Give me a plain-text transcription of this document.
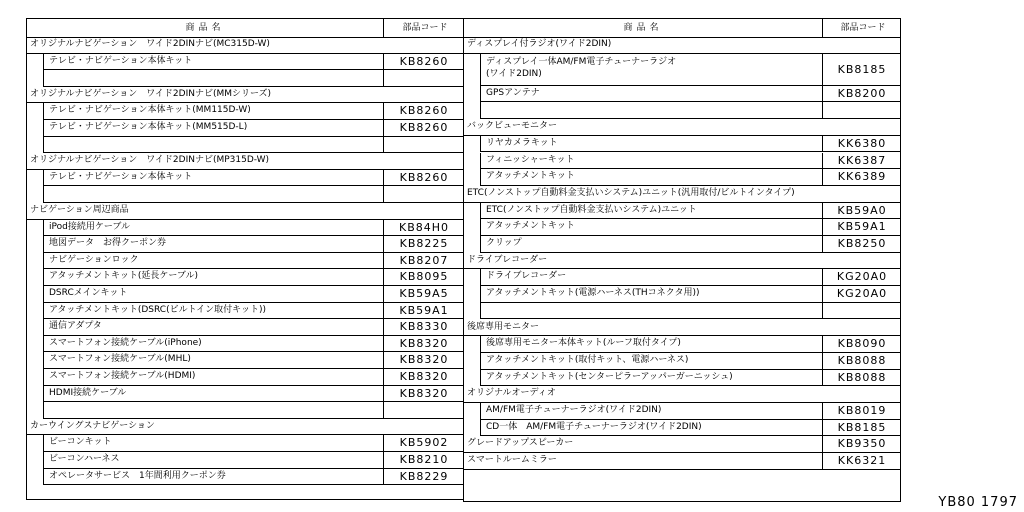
商品名	部品コード
オリジナルナビゲーション　ワイド2DINナビ(MC315D-W)
テレビ・ナビゲーション本体キット	KB8260
オリジナルナビゲーション　ワイド2DINナビ(MMシリーズ)
テレビ・ナビゲーション本体キット(MM115D-W)	KB8260
テレビ・ナビゲーション本体キット(MM515D-L)	KB8260
オリジナルナビゲーション　ワイド2DINナビ(MP315D-W)
テレビ・ナビゲーション本体キット	KB8260
ナビゲーション周辺商品
iPod接続用ケーブル	KB84H0
地図データ　お得クーポン券	KB8225
ナビゲーションロック	KB8207
アタッチメントキット(延長ケーブル)	KB8095
DSRCメインキット	KB59A5
アタッチメントキット(DSRC(ビルトイン取付キット))	KB59A1
通信アダプタ	KB8330
スマートフォン接続ケーブル(iPhone)	KB8320
スマートフォン接続ケーブル(MHL)	KB8320
スマートフォン接続ケーブル(HDMI)	KB8320
HDMI接続ケーブル	KB8320
カーウイングスナビゲーション
ビーコンキット	KB5902
ビーコンハーネス	KB8210
オペレータサービス　1年間利用クーポン券	KB8229
商品名	部品コード
ディスプレイ付ラジオ(ワイド2DIN)
ディスプレイ一体AM/FM電子チューナーラジオ
(ワイド2DIN)	KB8185
GPSアンテナ	KB8200
バックビューモニター
リヤカメラキット	KK6380
フィニッシャーキット	KK6387
アタッチメントキット	KK6389
ETC(ノンストップ自動料金支払いシステム)ユニット(汎用取付/ビルトインタイプ)
ETC(ノンストップ自動料金支払いシステム)ユニット	KB59A0
アタッチメントキット	KB59A1
クリップ	KB8250
ドライブレコーダー
ドライブレコーダー	KG20A0
アタッチメントキット(電源ハーネス(THコネクタ用))	KG20A0
後席専用モニター
後席専用モニター本体キット(ルーフ取付タイプ)	KB8090
アタッチメントキット(取付キット、電源ハーネス)	KB8088
アタッチメントキット(センターピラーアッパーガーニッシュ)	KB8088
オリジナルオーディオ
AM/FM電子チューナーラジオ(ワイド2DIN)	KB8019
CD一体　AM/FM電子チューナーラジオ(ワイド2DIN)	KB8185
グレードアップスピーカー	KB9350
スマートルームミラー	KK6321
YB80 1797
